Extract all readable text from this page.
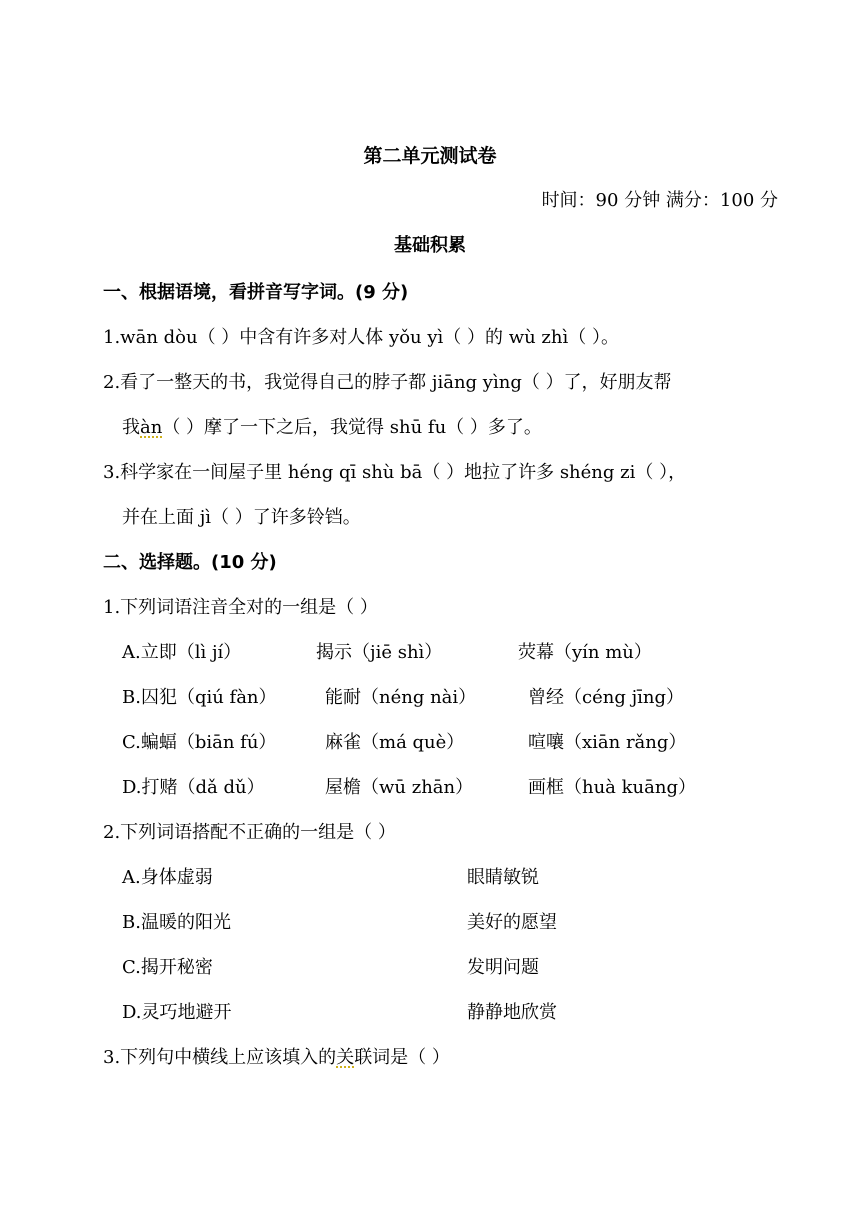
第二单元测试卷
时间：90 分钟 满分：100 分
基础积累
一、根据语境，看拼音写字词。(9 分)
1.wān dòu（ ）中含有许多对人体 yǒu yì（ ）的 wù zhì（ ）。
2.看了一整天的书，我觉得自己的脖子都 jiāng yìng（ ）了，好朋友帮
我àn（ ）摩了一下之后，我觉得 shū fu（ ）多了。
3.科学家在一间屋子里 héng qī shù bā（ ）地拉了许多 shéng zi（ ），
并在上面 jì（ ）了许多铃铛。
二、选择题。(10 分)
1.下列词语注音全对的一组是（ ）
A.立即（lì jí）	揭示（jiē shì）	荧幕（yín mù）
B.囚犯（qiú fàn）	能耐（néng nài）	曾经（céng jīng）
C.蝙蝠（biān fú）	麻雀（má què）	喧嚷（xiān rǎng）
D.打赌（dǎ dǔ）	屋檐（wū zhān）	画框（huà kuāng）
2.下列词语搭配不正确的一组是（ ）
A.身体虚弱	眼睛敏锐
B.温暖的阳光	美好的愿望
C.揭开秘密	发明问题
D.灵巧地避开	静静地欣赏
3.下列句中横线上应该填入的关联词是（ ）
